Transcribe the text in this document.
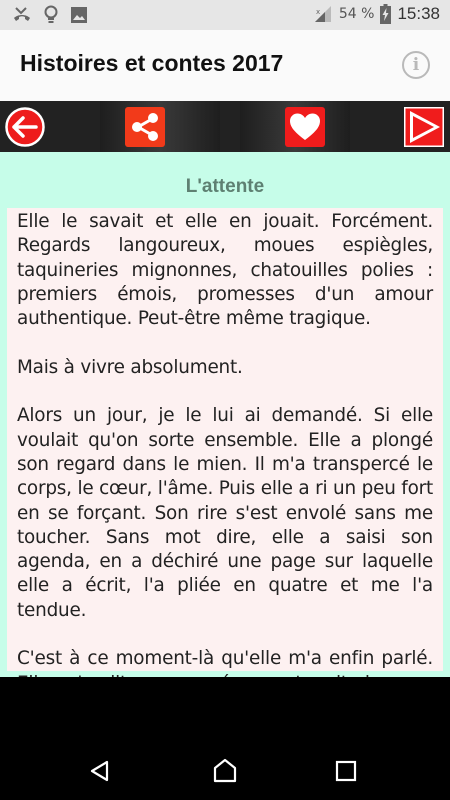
x 54 % 15:38
Histoires et contes 2017	i
L'attente

Elle le savait et elle en jouait. Forcément. Regards langoureux, moues espiègles, taquineries mignonnes, chatouilles polies : premiers émois, promesses d'un amour authentique. Peut-être même tragique.

Mais à vivre absolument.

Alors un jour, je le lui ai demandé. Si elle voulait qu'on sorte ensemble. Elle a plongé son regard dans le mien. Il m'a transpercé le corps, le cœur, l'âme. Puis elle a ri un peu fort en se forçant. Son rire s'est envolé sans me toucher. Sans mot dire, elle a saisi son agenda, en a déchiré une page sur laquelle elle a écrit, l'a pliée en quatre et me l'a tendue.

C'est à ce moment-là qu'elle m'a enfin parlé.
